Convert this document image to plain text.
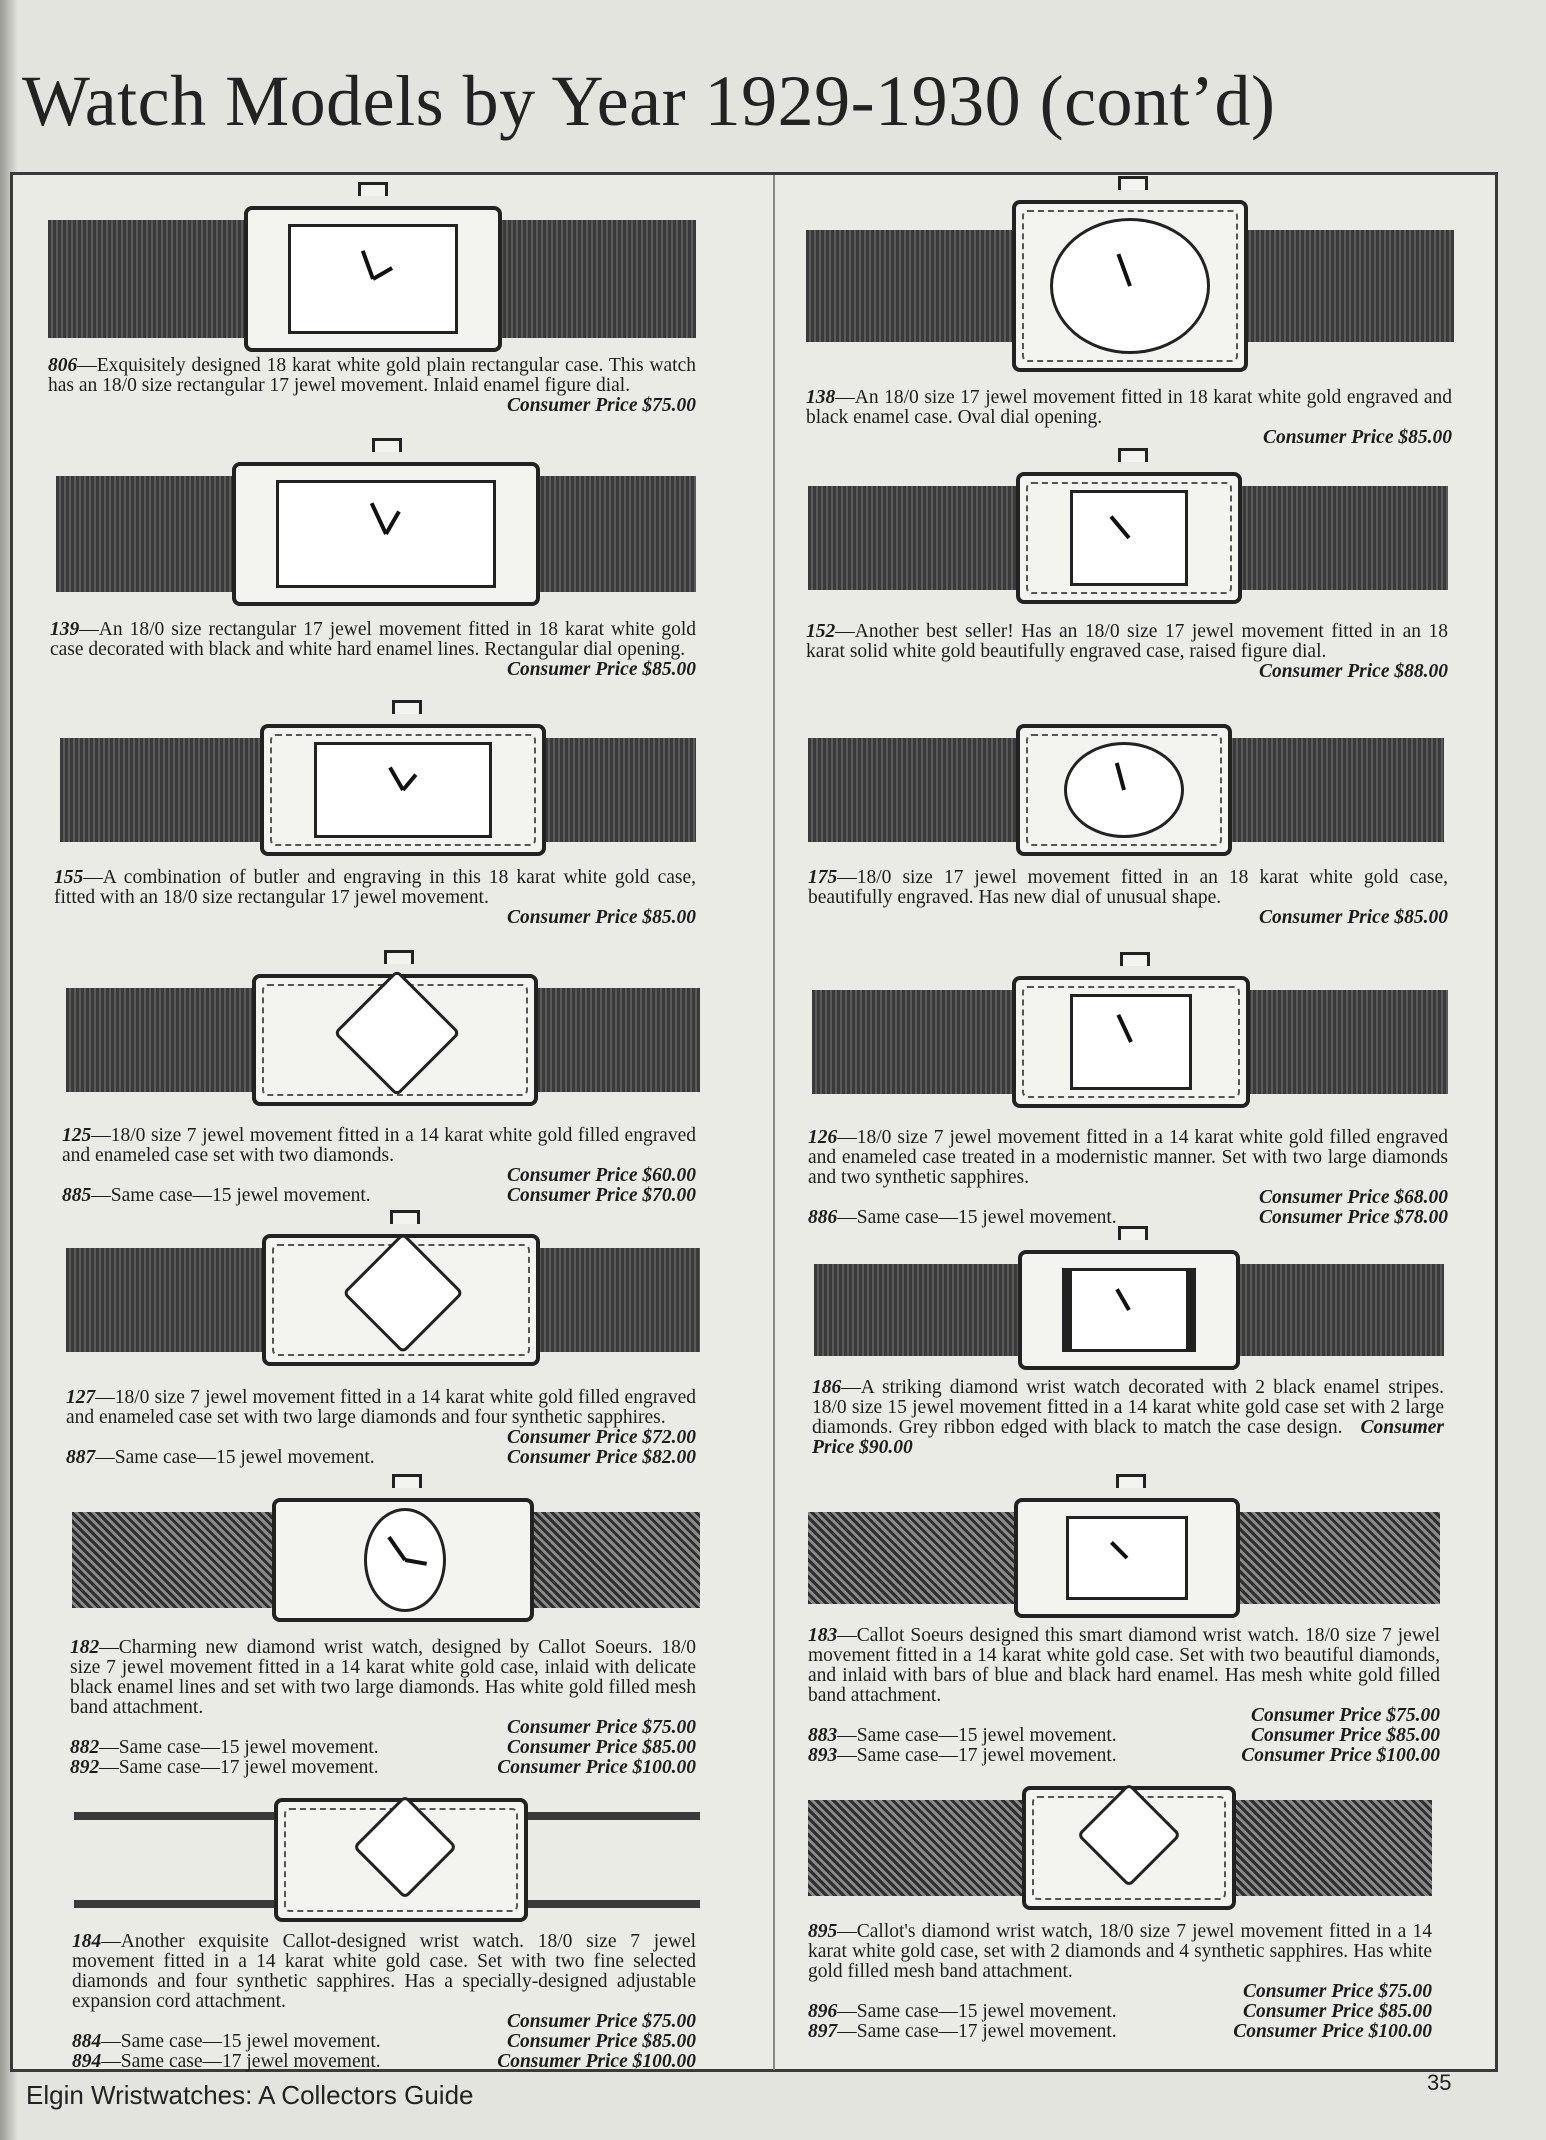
Watch Models by Year 1929-1930 (cont’d)
806—Exquisitely designed 18 karat white gold plain rectangular case. This watch has an 18/0 size rectangular 17 jewel movement. Inlaid enamel figure dial.
Consumer Price $75.00
139—An 18/0 size rectangular 17 jewel movement fitted in 18 karat white gold case decorated with black and white hard enamel lines. Rectangular dial opening.
Consumer Price $85.00
155—A combination of butler and engraving in this 18 karat white gold case, fitted with an 18/0 size rectangular 17 jewel movement.
Consumer Price $85.00
125—18/0 size 7 jewel movement fitted in a 14 karat white gold filled engraved and enameled case set with two diamonds.
Consumer Price $60.00
885—Same case—15 jewel movement.	Consumer Price $70.00
127—18/0 size 7 jewel movement fitted in a 14 karat white gold filled engraved and enameled case set with two large diamonds and four synthetic sapphires.
Consumer Price $72.00
887—Same case—15 jewel movement.	Consumer Price $82.00
182—Charming new diamond wrist watch, designed by Callot Soeurs. 18/0 size 7 jewel movement fitted in a 14 karat white gold case, inlaid with delicate black enamel lines and set with two large diamonds. Has white gold filled mesh band attachment.
Consumer Price $75.00
882—Same case—15 jewel movement.	Consumer Price $85.00
892—Same case—17 jewel movement.	Consumer Price $100.00
184—Another exquisite Callot-designed wrist watch. 18/0 size 7 jewel movement fitted in a 14 karat white gold case. Set with two fine selected diamonds and four synthetic sapphires. Has a specially-designed adjustable expansion cord attachment.
Consumer Price $75.00
884—Same case—15 jewel movement.	Consumer Price $85.00
894—Same case—17 jewel movement.	Consumer Price $100.00
138—An 18/0 size 17 jewel movement fitted in 18 karat white gold engraved and black enamel case. Oval dial opening.
Consumer Price $85.00
152—Another best seller! Has an 18/0 size 17 jewel movement fitted in an 18 karat solid white gold beautifully engraved case, raised figure dial.
Consumer Price $88.00
175—18/0 size 17 jewel movement fitted in an 18 karat white gold case, beautifully engraved. Has new dial of unusual shape.
Consumer Price $85.00
126—18/0 size 7 jewel movement fitted in a 14 karat white gold filled engraved and enameled case treated in a modernistic manner. Set with two large diamonds and two synthetic sapphires.
Consumer Price $68.00
886—Same case—15 jewel movement.	Consumer Price $78.00
186—A striking diamond wrist watch decorated with 2 black enamel stripes. 18/0 size 15 jewel movement fitted in a 14 karat white gold case set with 2 large diamonds. Grey ribbon edged with black to match the case design. Consumer Price $90.00
183—Callot Soeurs designed this smart diamond wrist watch. 18/0 size 7 jewel movement fitted in a 14 karat white gold case. Set with two beautiful diamonds, and inlaid with bars of blue and black hard enamel. Has mesh white gold filled band attachment.
Consumer Price $75.00
883—Same case—15 jewel movement.	Consumer Price $85.00
893—Same case—17 jewel movement.	Consumer Price $100.00
895—Callot's diamond wrist watch, 18/0 size 7 jewel movement fitted in a 14 karat white gold case, set with 2 diamonds and 4 synthetic sapphires. Has white gold filled mesh band attachment.
Consumer Price $75.00
896—Same case—15 jewel movement.	Consumer Price $85.00
897—Same case—17 jewel movement.	Consumer Price $100.00
Elgin Wristwatches: A Collectors Guide	35
